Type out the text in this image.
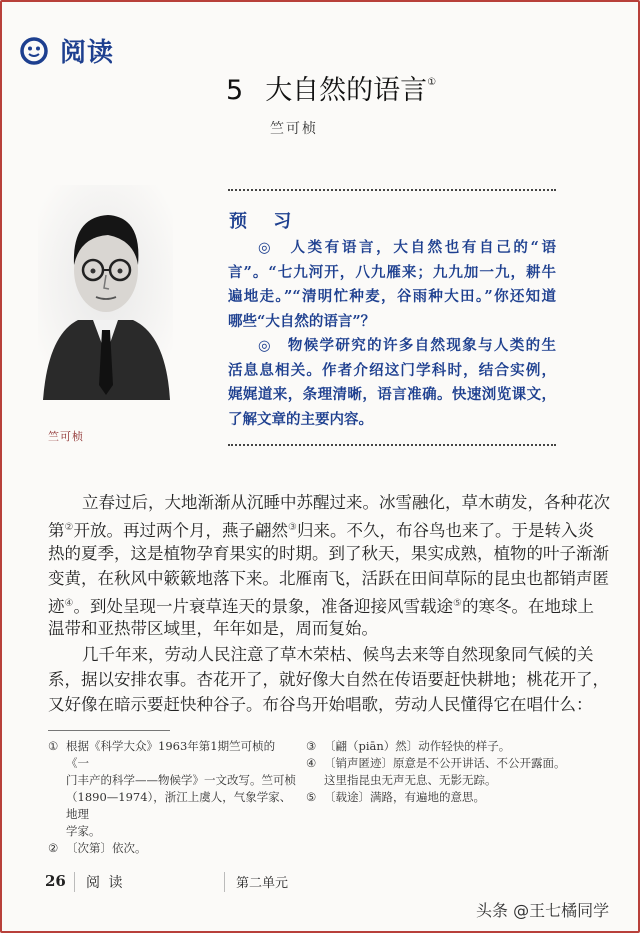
阅读
5 大自然的语言①
竺可桢
预 习
◎　人类有语言，大自然也有自己的“语
言”。“七九河开，八九雁来；九九加一九，耕牛
遍地走。”“清明忙种麦，谷雨种大田。”你还知道
哪些“大自然的语言”？
◎　物候学研究的许多自然现象与人类的生
活息息相关。作者介绍这门学科时，结合实例，
娓娓道来，条理清晰，语言准确。快速浏览课文，
了解文章的主要内容。
竺可桢
立春过后，大地渐渐从沉睡中苏醒过来。冰雪融化，草木萌发，各种花次
第②开放。再过两个月，燕子翩然③归来。不久，布谷鸟也来了。于是转入炎
热的夏季，这是植物孕育果实的时期。到了秋天，果实成熟，植物的叶子渐渐
变黄，在秋风中簌簌地落下来。北雁南飞，活跃在田间草际的昆虫也都销声匿
迹④。到处呈现一片衰草连天的景象，准备迎接风雪载途⑤的寒冬。在地球上
温带和亚热带区域里，年年如是，周而复始。
几千年来，劳动人民注意了草木荣枯、候鸟去来等自然现象同气候的关
系，据以安排农事。杏花开了，就好像大自然在传语要赶快耕地；桃花开了，
又好像在暗示要赶快种谷子。布谷鸟开始唱歌，劳动人民懂得它在唱什么：
① 根据《科学大众》1963年第1期竺可桢的《一
门丰产的科学——物候学》一文改写。竺可桢
（1890—1974），浙江上虞人，气象学家、地理
学家。
② 〔次第〕依次。
③ 〔翩（piān）然〕动作轻快的样子。
④ 〔销声匿迹〕原意是不公开讲话、不公开露面。
这里指昆虫无声无息、无影无踪。
⑤ 〔载途〕满路，有遍地的意思。
26 阅 读	第二单元
头条 @王七橘同学
